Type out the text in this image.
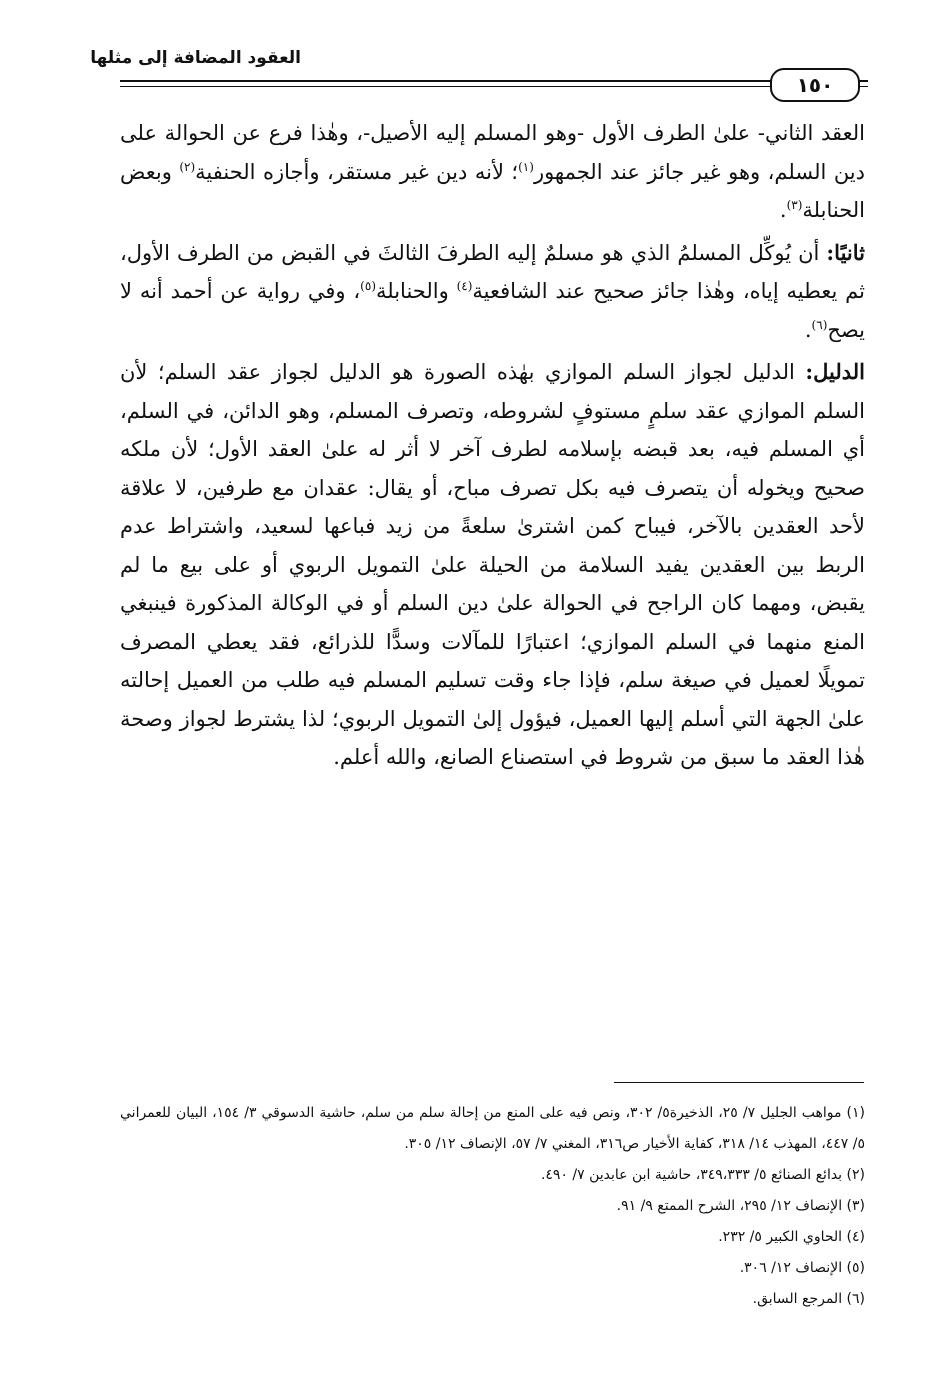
العقود المضافة إلى مثلها
١٥٠

العقد الثاني- علىٰ الطرف الأول -وهو المسلم إليه الأصيل-، وهٰذا فرع عن الحوالة على دين السلم، وهو غير جائز عند الجمهور$^{(١)}$؛ لأنه دين غير مستقر، وأجازه الحنفية$^{(٢)}$ وبعض الحنابلة$^{(٣)}$.

ثانيًا: أن يُوكِّل المسلمُ الذي هو مسلمٌ إليه الطرفَ الثالثَ في القبض من الطرف الأول، ثم يعطيه إياه، وهٰذا جائز صحيح عند الشافعية$^{(٤)}$ والحنابلة$^{(٥)}$، وفي رواية عن أحمد أنه لا يصح$^{(٦)}$.

الدليل: الدليل لجواز السلم الموازي بهٰذه الصورة هو الدليل لجواز عقد السلم؛ لأن السلم الموازي عقد سلمٍ مستوفٍ لشروطه، وتصرف المسلم، وهو الدائن، في السلم، أي المسلم فيه، بعد قبضه بإسلامه لطرف آخر لا أثر له علىٰ العقد الأول؛ لأن ملكه صحيح ويخوله أن يتصرف فيه بكل تصرف مباح، أو يقال: عقدان مع طرفين، لا علاقة لأحد العقدين بالآخر، فيباح كمن اشترىٰ سلعةً من زيد فباعها لسعيد، واشتراط عدم الربط بين العقدين يفيد السلامة من الحيلة علىٰ التمويل الربوي أو على بيع ما لم يقبض، ومهما كان الراجح في الحوالة علىٰ دين السلم أو في الوكالة المذكورة فينبغي المنع منهما في السلم الموازي؛ اعتبارًا للمآلات وسدًّا للذرائع، فقد يعطي المصرف تمويلًا لعميل في صيغة سلم، فإذا جاء وقت تسليم المسلم فيه طلب من العميل إحالته علىٰ الجهة التي أسلم إليها العميل، فيؤول إلىٰ التمويل الربوي؛ لذا يشترط لجواز وصحة هٰذا العقد ما سبق من شروط في استصناع الصانع، والله أعلم.

(١) مواهب الجليل ٧/ ٢٥، الذخيرة٥/ ٣٠٢، ونص فيه على المنع من إحالة سلم من سلم، حاشية الدسوقي ٣/ ١٥٤، البيان للعمراني ٥/ ٤٤٧، المهذب ١٤/ ٣١٨، كفاية الأخيار ص٣١٦، المغني ٧/ ٥٧، الإنصاف ١٢/ ٣٠٥.

(٢) بدائع الصنائع ٥/ ٣٤٩،٣٣٣، حاشية ابن عابدين ٧/ ٤٩٠.

(٣) الإنصاف ١٢/ ٢٩٥، الشرح الممتع ٩/ ٩١.

(٤) الحاوي الكبير ٥/ ٢٣٢.

(٥) الإنصاف ١٢/ ٣٠٦.

(٦) المرجع السابق.
